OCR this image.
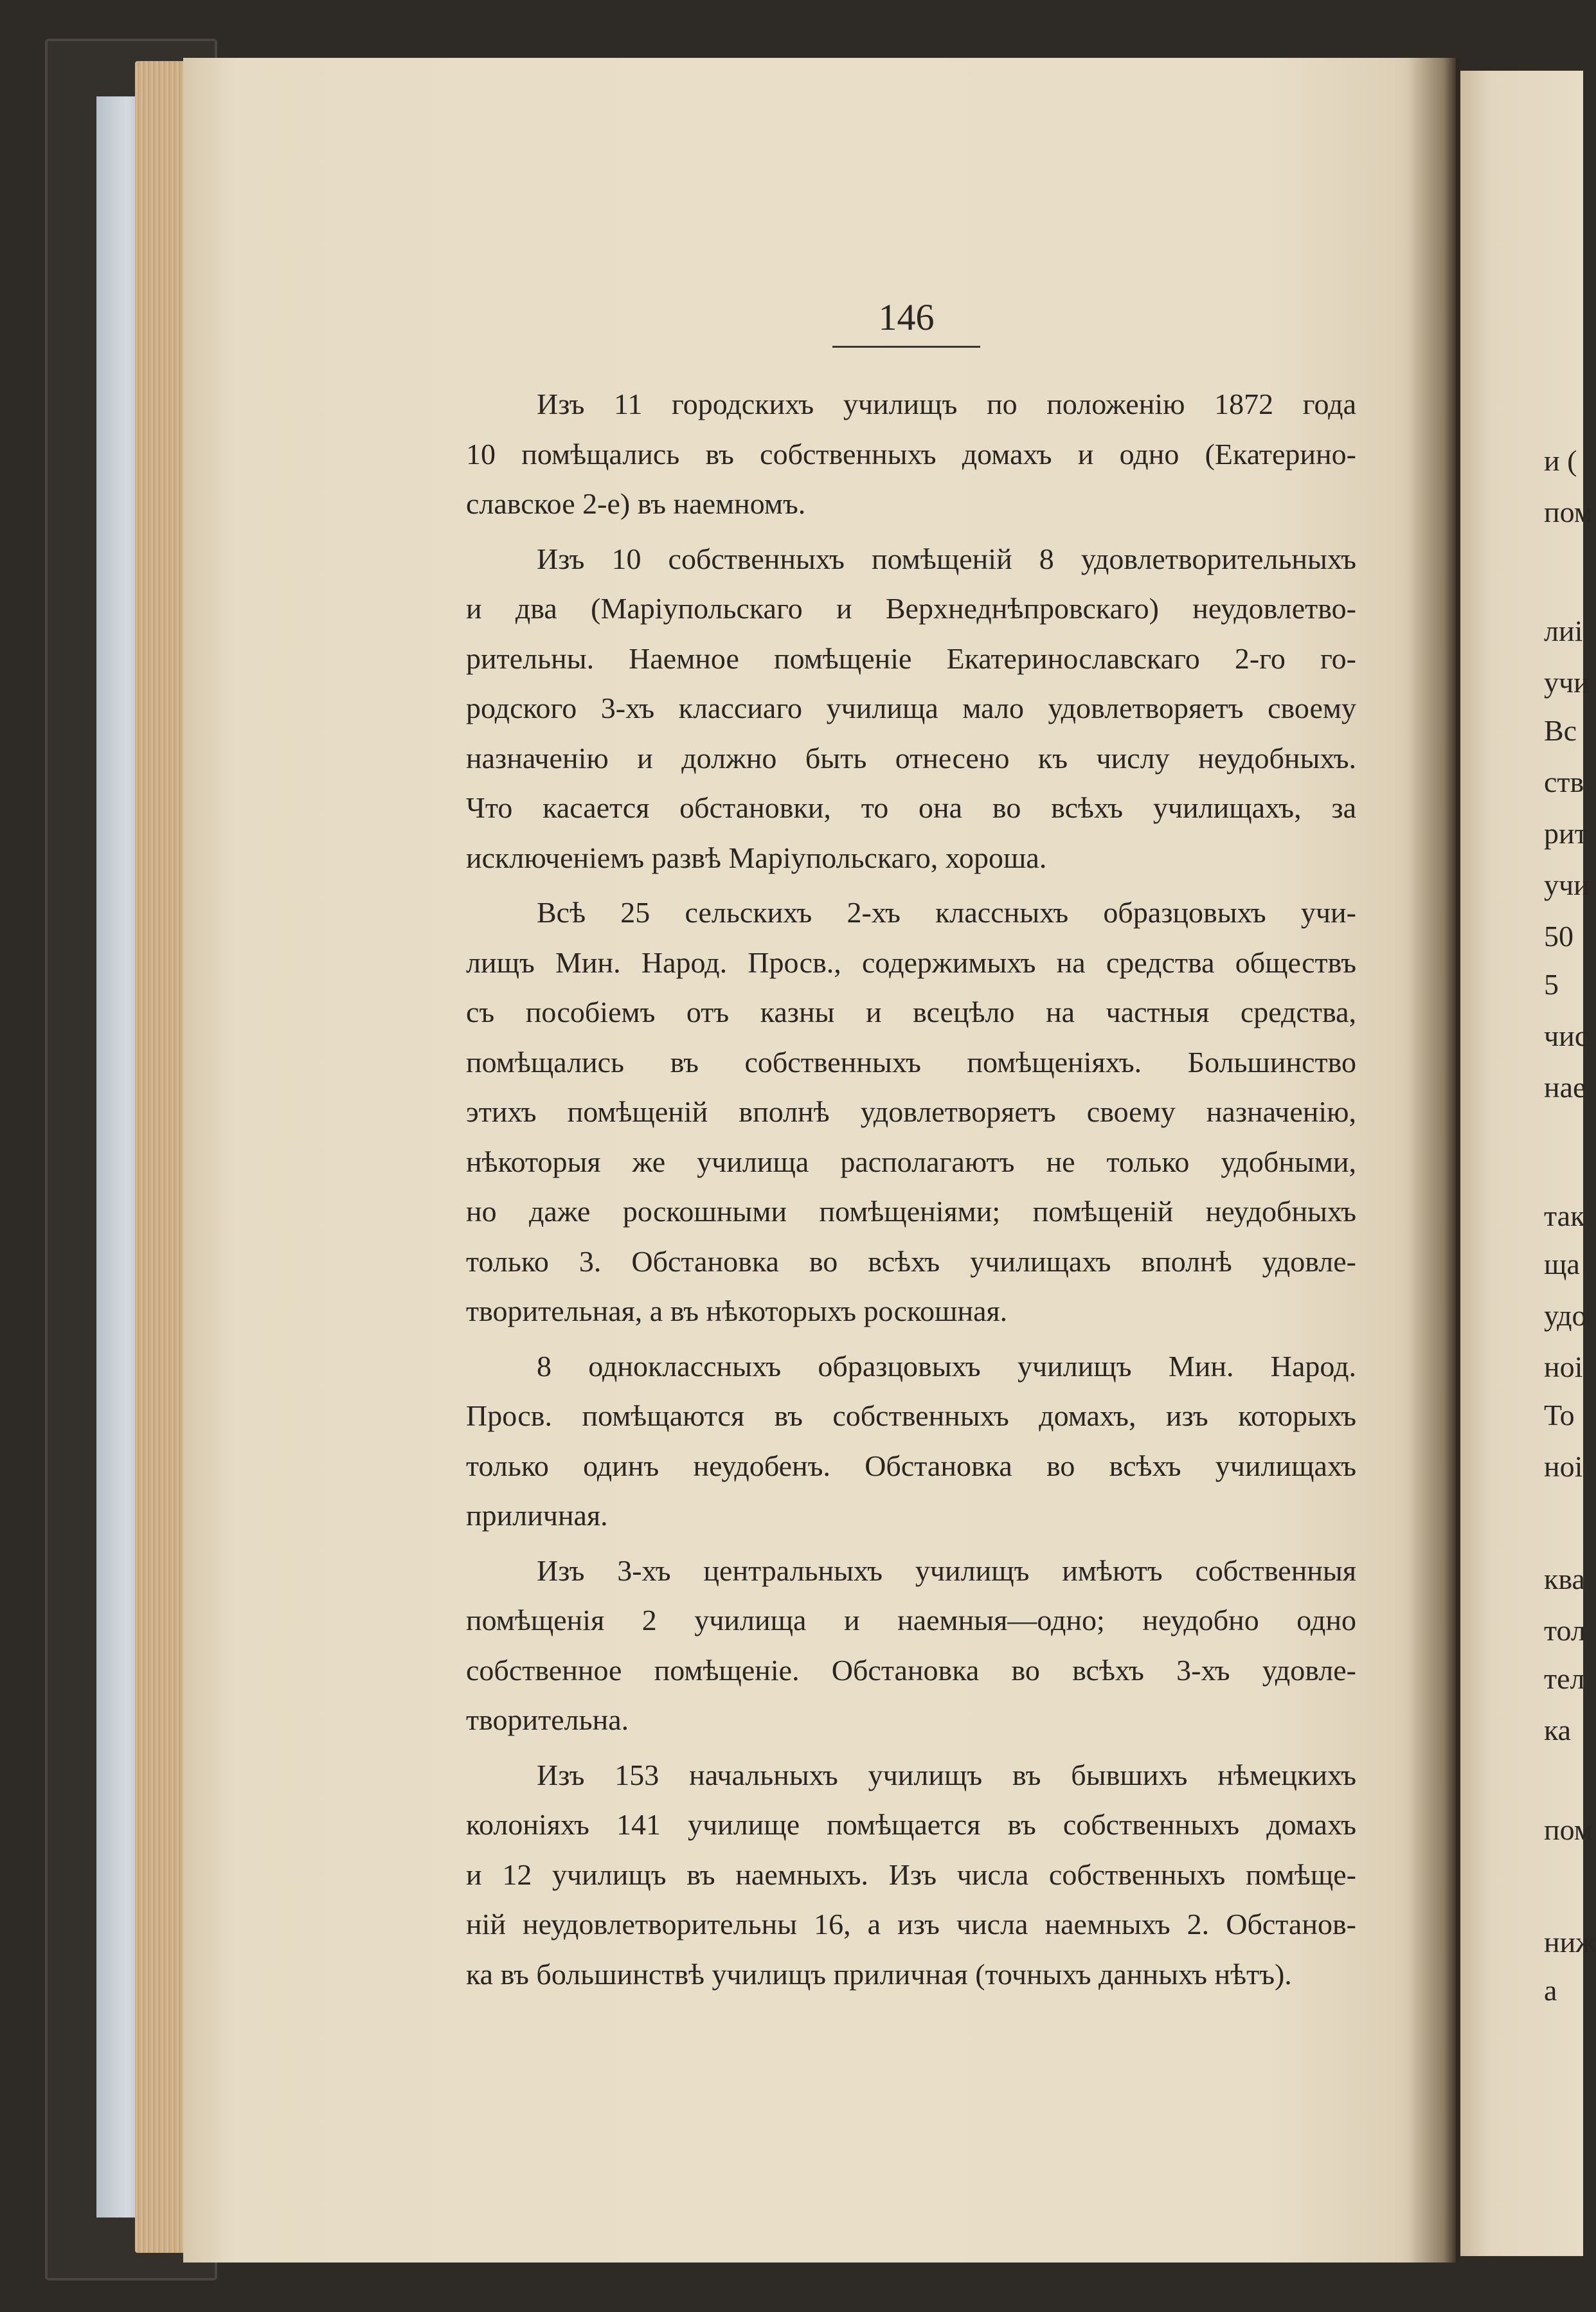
146
Изъ 11 городскихъ училищъ по положенію 1872 года
10 помѣщались въ собственныхъ домахъ и одно (Екатерино-
славское 2-е) въ наемномъ.
Изъ 10 собственныхъ помѣщеній 8 удовлетворительныхъ
и два (Маріупольскаго и Верхнеднѣпровскаго) неудовлетво-
рительны. Наемное помѣщеніе Екатеринославскаго 2-го го-
родского 3-хъ классиаго училища мало удовлетворяетъ своему
назначенію и должно быть отнесено къ числу неудобныхъ.
Что касается обстановки, то она во всѣхъ училищахъ, за
исключеніемъ развѣ Маріупольскаго, хороша.
Всѣ 25 сельскихъ 2-хъ классныхъ образцовыхъ учи-
лищъ Мин. Народ. Просв., содержимыхъ на средства обществъ
съ пособіемъ отъ казны и всецѣло на частныя средства,
помѣщались въ собственныхъ помѣщеніяхъ. Большинство
этихъ помѣщеній вполнѣ удовлетворяетъ своему назначенію,
нѣкоторыя же училища располагаютъ не только удобными,
но даже роскошными помѣщеніями; помѣщеній неудобныхъ
только 3. Обстановка во всѣхъ училищахъ вполнѣ удовле-
творительная, а въ нѣкоторыхъ роскошная.
8 одноклассныхъ образцовыхъ училищъ Мин. Народ.
Просв. помѣщаются въ собственныхъ домахъ, изъ которыхъ
только одинъ неудобенъ. Обстановка во всѣхъ училищахъ
приличная.
Изъ 3-хъ центральныхъ училищъ имѣютъ собственныя
помѣщенія 2 училища и наемныя—одно; неудобно одно
собственное помѣщеніе. Обстановка во всѣхъ 3-хъ удовле-
творительна.
Изъ 153 начальныхъ училищъ въ бывшихъ нѣмецкихъ
колоніяхъ 141 училище помѣщается въ собственныхъ домахъ
и 12 училищъ въ наемныхъ. Изъ числа собственныхъ помѣще-
ній неудовлетворительны 16, а изъ числа наемныхъ 2. Обстанов-
ка въ большинствѣ училищъ приличная (точныхъ данныхъ нѣтъ).
и (
пом
лиі
учи
Вс
ств
рит
учи
50
5
чис
нае
так
ща
удо
ноі
То
ноі
ква
тол
тел
ка
пом
ниж
а
